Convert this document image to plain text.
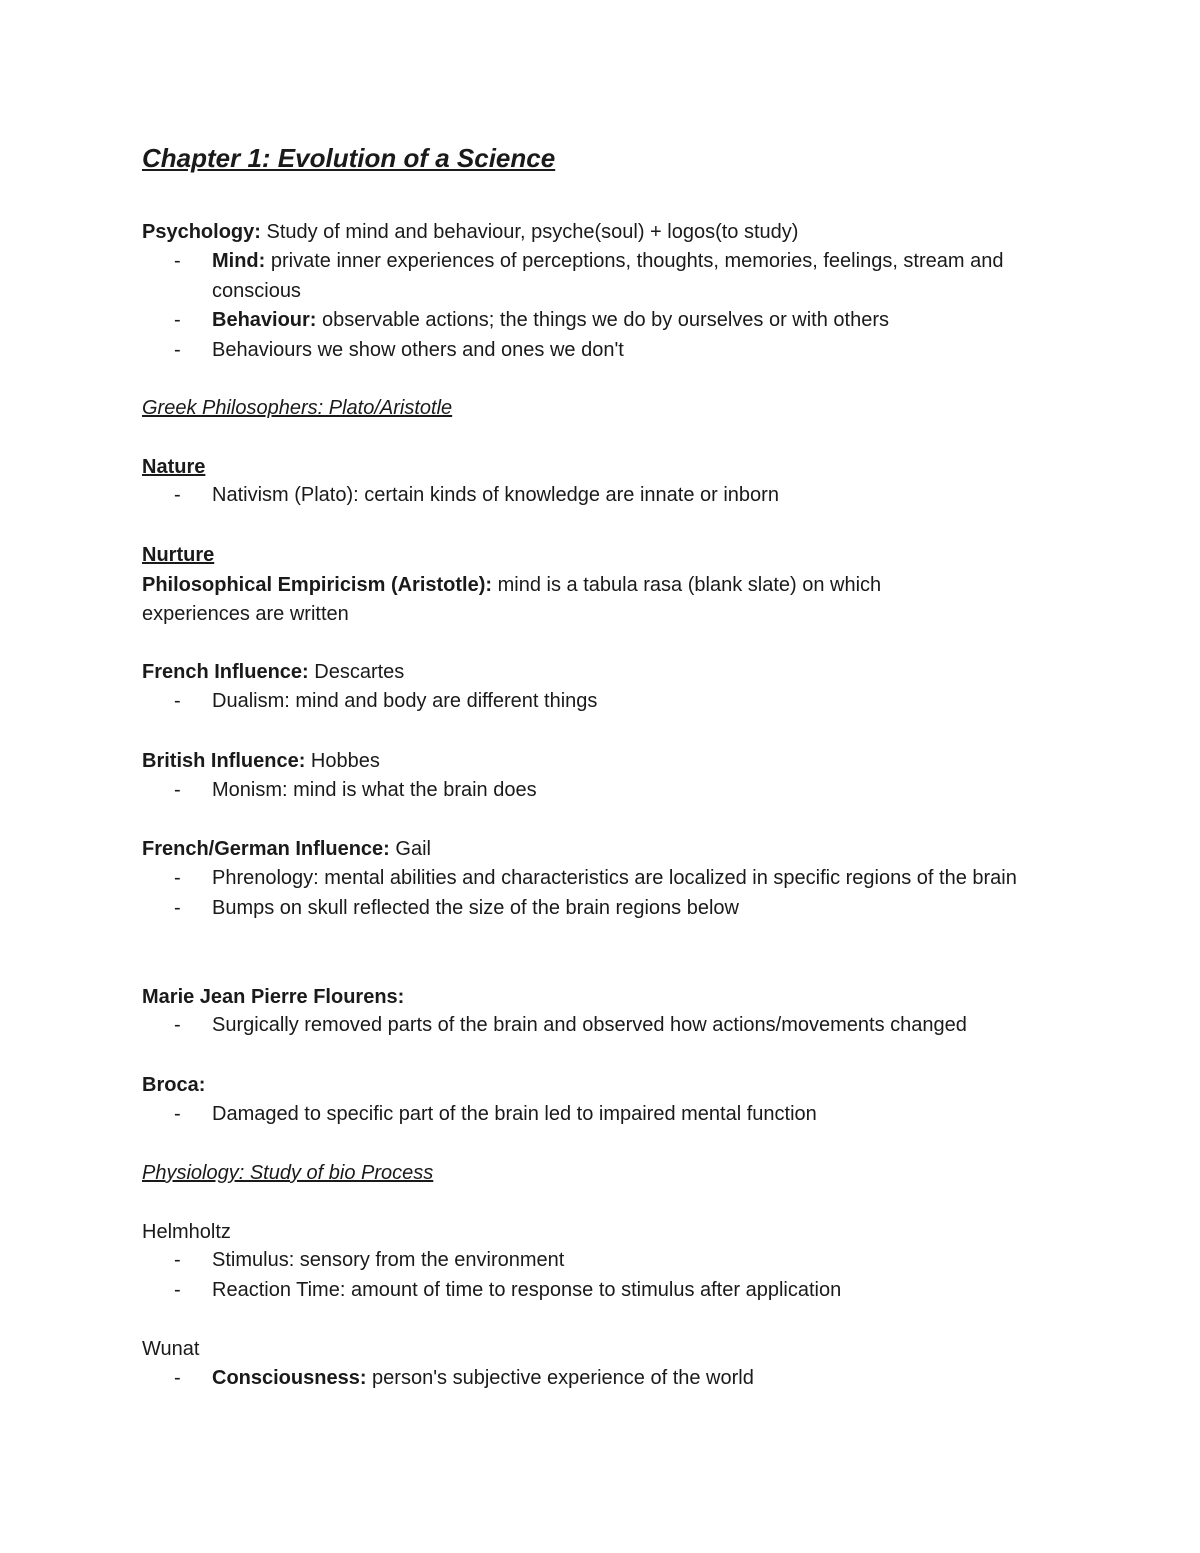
Chapter 1: Evolution of a Science
Psychology: Study of mind and behaviour, psyche(soul) + logos(to study)
- Mind: private inner experiences of perceptions, thoughts, memories, feelings, stream and conscious
- Behaviour: observable actions; the things we do by ourselves or with others
- Behaviours we show others and ones we don't
Greek Philosophers: Plato/Aristotle
Nature
- Nativism (Plato): certain kinds of knowledge are innate or inborn
Nurture
Philosophical Empiricism (Aristotle): mind is a tabula rasa (blank slate) on which
experiences are written
French Influence: Descartes
- Dualism: mind and body are different things
British Influence: Hobbes
- Monism: mind is what the brain does
French/German Influence: Gail
- Phrenology: mental abilities and characteristics are localized in specific regions of the brain
- Bumps on skull reflected the size of the brain regions below
Marie Jean Pierre Flourens:
- Surgically removed parts of the brain and observed how actions/movements changed
Broca:
- Damaged to specific part of the brain led to impaired mental function
Physiology: Study of bio Process
Helmholtz
- Stimulus: sensory from the environment
- Reaction Time: amount of time to response to stimulus after application
Wunat
- Consciousness: person's subjective experience of the world
